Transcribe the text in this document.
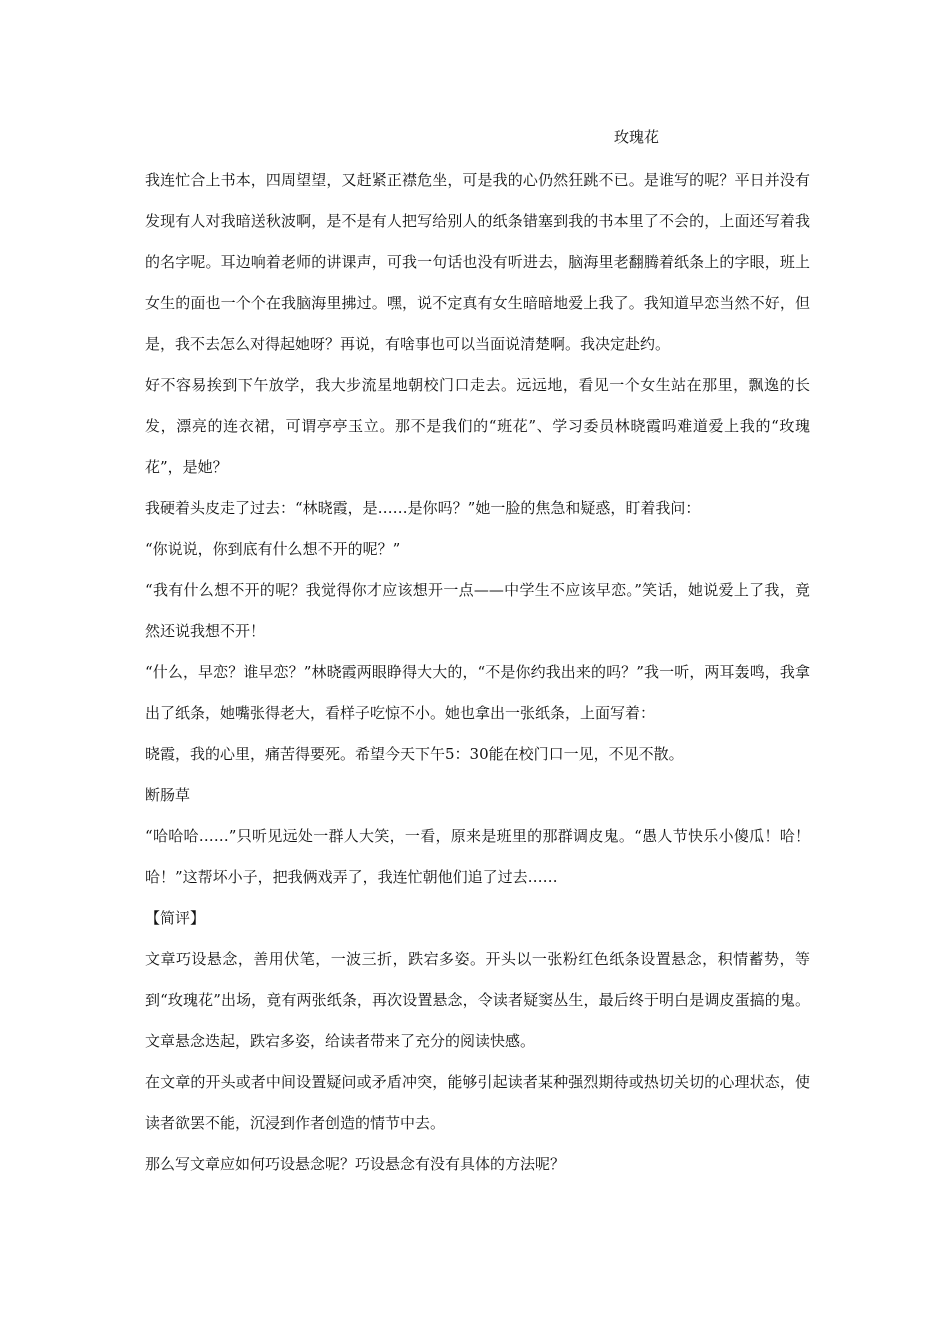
玫瑰花

我连忙合上书本，四周望望，又赶紧正襟危坐，可是我的心仍然狂跳不已。是谁写的呢？平日并没有发现有人对我暗送秋波啊，是不是有人把写给别人的纸条错塞到我的书本里了不会的，上面还写着我的名字呢。耳边响着老师的讲课声，可我一句话也没有听进去，脑海里老翻腾着纸条上的字眼，班上女生的面也一个个在我脑海里拂过。嘿，说不定真有女生暗暗地爱上我了。我知道早恋当然不好，但是，我不去怎么对得起她呀？再说，有啥事也可以当面说清楚啊。我决定赴约。

好不容易挨到下午放学，我大步流星地朝校门口走去。远远地，看见一个女生站在那里，飘逸的长发，漂亮的连衣裙，可谓亭亭玉立。那不是我们的“班花”、学习委员林晓霞吗难道爱上我的“玫瑰花”，是她？

我硬着头皮走了过去：“林晓霞，是……是你吗？”她一脸的焦急和疑惑，盯着我问：

“你说说，你到底有什么想不开的呢？”

“我有什么想不开的呢？我觉得你才应该想开一点——中学生不应该早恋。”笑话，她说爱上了我，竟然还说我想不开！

“什么，早恋？谁早恋？”林晓霞两眼睁得大大的，“不是你约我出来的吗？”我一听，两耳轰鸣，我拿出了纸条，她嘴张得老大，看样子吃惊不小。她也拿出一张纸条，上面写着：

晓霞，我的心里，痛苦得要死。希望今天下午5：30能在校门口一见，不见不散。

断肠草

“哈哈哈……”只听见远处一群人大笑，一看，原来是班里的那群调皮鬼。“愚人节快乐小傻瓜！哈！哈！”这帮坏小子，把我俩戏弄了，我连忙朝他们追了过去……

【简评】

文章巧设悬念，善用伏笔，一波三折，跌宕多姿。开头以一张粉红色纸条设置悬念，积情蓄势，等到“玫瑰花”出场，竟有两张纸条，再次设置悬念，令读者疑窦丛生，最后终于明白是调皮蛋搞的鬼。文章悬念迭起，跌宕多姿，给读者带来了充分的阅读快感。

在文章的开头或者中间设置疑问或矛盾冲突，能够引起读者某种强烈期待或热切关切的心理状态，使读者欲罢不能，沉浸到作者创造的情节中去。

那么写文章应如何巧设悬念呢？巧设悬念有没有具体的方法呢？
